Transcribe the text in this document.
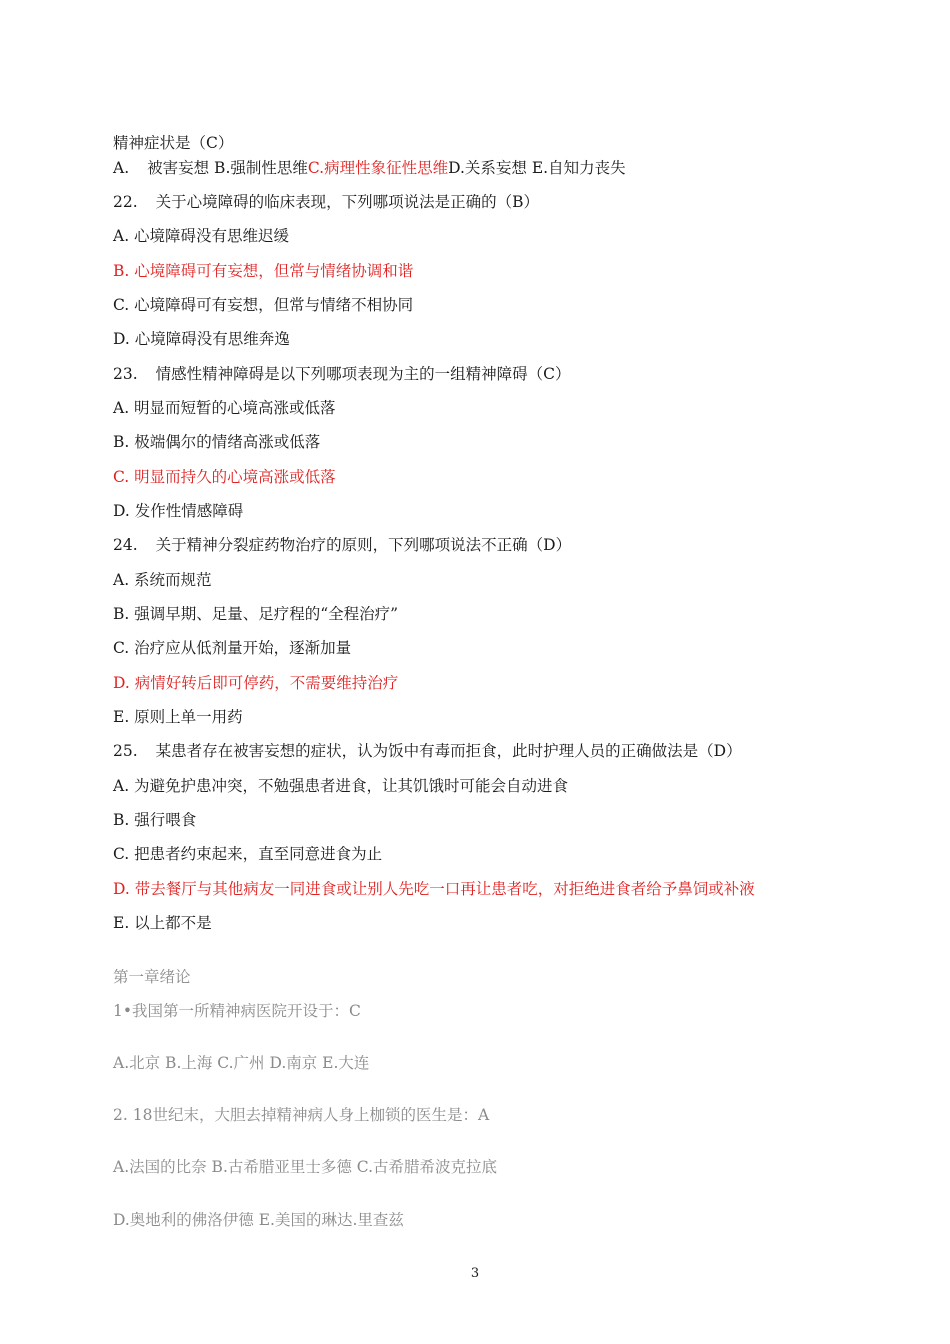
精神症状是（C）
A. 被害妄想 B.强制性思维C.病理性象征性思维D.关系妄想 E.自知力丧失
22. 关于心境障碍的临床表现，下列哪项说法是正确的（B）
A. 心境障碍没有思维迟缓
B. 心境障碍可有妄想，但常与情绪协调和谐
C. 心境障碍可有妄想，但常与情绪不相协同
D. 心境障碍没有思维奔逸
23. 情感性精神障碍是以下列哪项表现为主的一组精神障碍（C）
A. 明显而短暂的心境高涨或低落
B. 极端偶尔的情绪高涨或低落
C. 明显而持久的心境高涨或低落
D. 发作性情感障碍
24. 关于精神分裂症药物治疗的原则，下列哪项说法不正确（D）
A. 系统而规范
B. 强调早期、足量、足疗程的“全程治疗”
C. 治疗应从低剂量开始，逐渐加量
D. 病情好转后即可停药，不需要维持治疗
E. 原则上单一用药
25. 某患者存在被害妄想的症状，认为饭中有毒而拒食，此时护理人员的正确做法是（D）
A. 为避免护患冲突，不勉强患者进食，让其饥饿时可能会自动进食
B. 强行喂食
C. 把患者约束起来，直至同意进食为止
D. 带去餐厅与其他病友一同进食或让别人先吃一口再让患者吃，对拒绝进食者给予鼻饲或补液
E. 以上都不是
第一章绪论
1•我国第一所精神病医院开设于：C
A.北京 B.上海 C.广州 D.南京 E.大连
2. 18世纪末，大胆去掉精神病人身上枷锁的医生是：A
A.法国的比奈 B.古希腊亚里士多德 C.古希腊希波克拉底
D.奥地利的佛洛伊德 E.美国的琳达.里查兹
3
